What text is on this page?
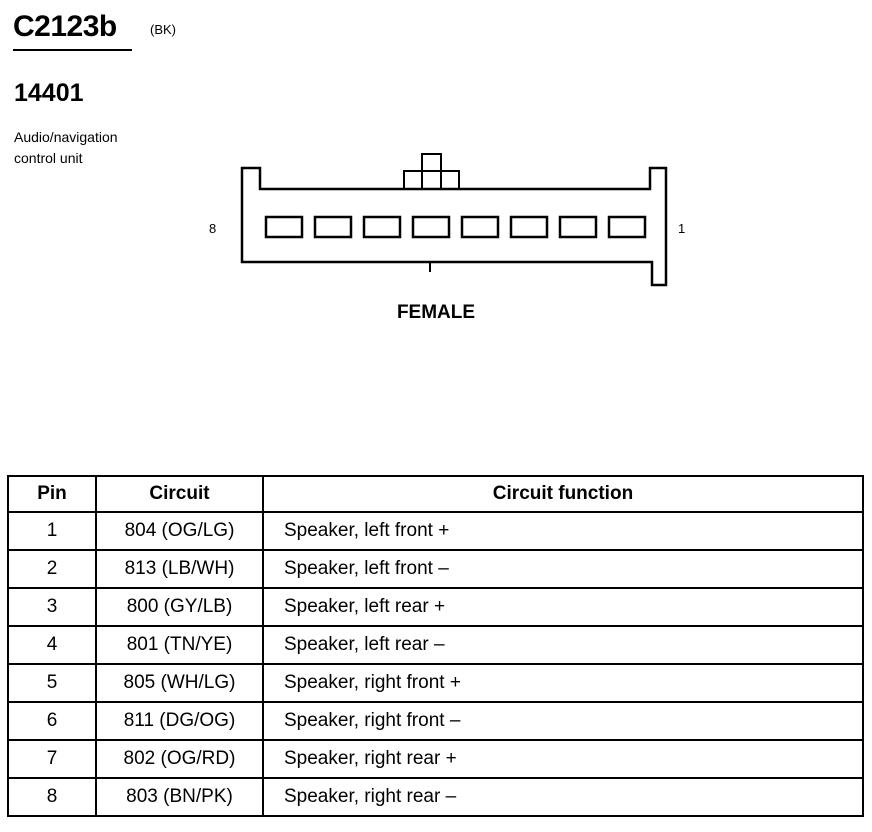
C2123b	(BK)
14401
Audio/navigation
control unit
8	1
FEMALE
Pin	Circuit	Circuit function
1	804 (OG/LG)	Speaker, left front +
2	813 (LB/WH)	Speaker, left front –
3	800 (GY/LB)	Speaker, left rear +
4	801 (TN/YE)	Speaker, left rear –
5	805 (WH/LG)	Speaker, right front +
6	811 (DG/OG)	Speaker, right front –
7	802 (OG/RD)	Speaker, right rear +
8	803 (BN/PK)	Speaker, right rear –
